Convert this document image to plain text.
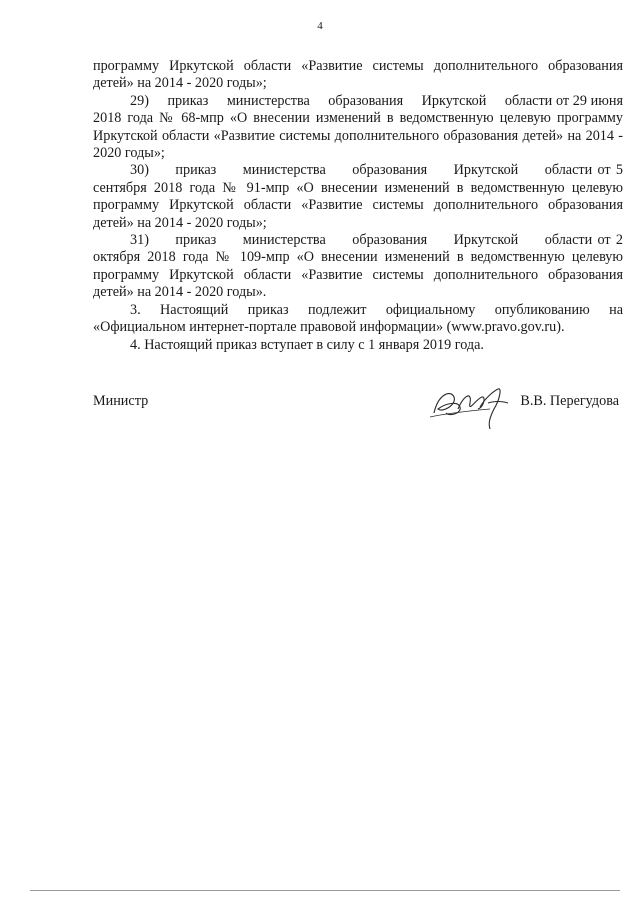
4

программу Иркутской области «Развитие системы дополнительного образования детей» на 2014 - 2020 годы»;

29)     приказ     министерства     образования     Иркутской     области от 29 июня 2018 года № 68-мпр «О внесении изменений в ведомственную целевую программу Иркутской области «Развитие системы дополнительного образования детей» на 2014 - 2020 годы»;

30)     приказ     министерства     образования     Иркутской     области от 5 сентября 2018 года № 91-мпр «О внесении изменений в ведомственную целевую программу Иркутской области «Развитие системы дополнительного образования детей» на 2014 - 2020 годы»;

31)     приказ     министерства     образования     Иркутской     области от 2 октября 2018 года № 109-мпр «О внесении изменений в ведомственную целевую программу Иркутской области «Развитие системы дополнительного образования детей» на 2014 - 2020 годы».

3. Настоящий приказ подлежит официальному опубликованию на «Официальном интернет-портале правовой информации» (www.pravo.gov.ru).

4. Настоящий приказ вступает в силу с 1 января 2019 года.

Министр	В.В. Перегудова
